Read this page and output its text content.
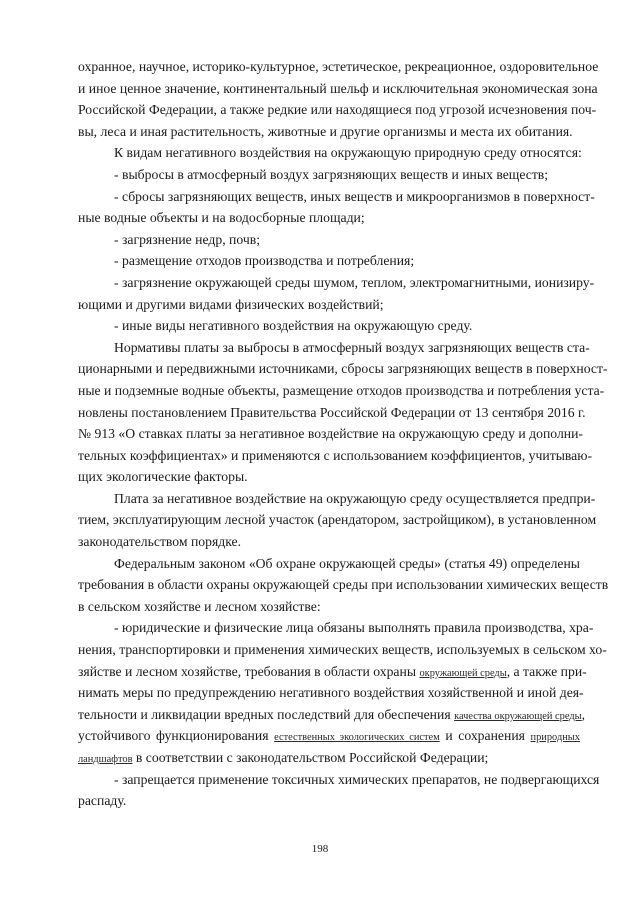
охранное, научное, историко-культурное, эстетическое, рекреационное, оздоровительное
и иное ценное значение, континентальный шельф и исключительная экономическая зона
Российской Федерации, а также редкие или находящиеся под угрозой исчезновения поч-
вы, леса и иная растительность, животные и другие организмы и места их обитания.
К видам негативного воздействия на окружающую природную среду относятся:
- выбросы в атмосферный воздух загрязняющих веществ и иных веществ;
- сбросы загрязняющих веществ, иных веществ и микроорганизмов в поверхност-
ные водные объекты и на водосборные площади;
- загрязнение недр, почв;
- размещение отходов производства и потребления;
- загрязнение окружающей среды шумом, теплом, электромагнитными, ионизиру-
ющими и другими видами физических воздействий;
- иные виды негативного воздействия на окружающую среду.
Нормативы платы за выбросы в атмосферный воздух загрязняющих веществ ста-
ционарными и передвижными источниками, сбросы загрязняющих веществ в поверхност-
ные и подземные водные объекты, размещение отходов производства и потребления уста-
новлены постановлением Правительства Российской Федерации от 13 сентября 2016 г.
№ 913 «О ставках платы за негативное воздействие на окружающую среду и дополни-
тельных коэффициентах» и применяются с использованием коэффициентов, учитываю-
щих экологические факторы.
Плата за негативное воздействие на окружающую среду осуществляется предпри-
тием, эксплуатирующим лесной участок (арендатором, застройщиком), в установленном
законодательством порядке.
Федеральным законом «Об охране окружающей среды» (статья 49) определены
требования в области охраны окружающей среды при использовании химических веществ
в сельском хозяйстве и лесном хозяйстве:
- юридические и физические лица обязаны выполнять правила производства, хра-
нения, транспортировки и применения химических веществ, используемых в сельском хо-
зяйстве и лесном хозяйстве, требования в области охраны окружающей среды, а также при-
нимать меры по предупреждению негативного воздействия хозяйственной и иной дея-
тельности и ликвидации вредных последствий для обеспечения качества окружающей среды,
устойчивого функционирования естественных экологических систем и сохранения природных
ландшафтов в соответствии с законодательством Российской Федерации;
- запрещается применение токсичных химических препаратов, не подвергающихся
распаду.
198
